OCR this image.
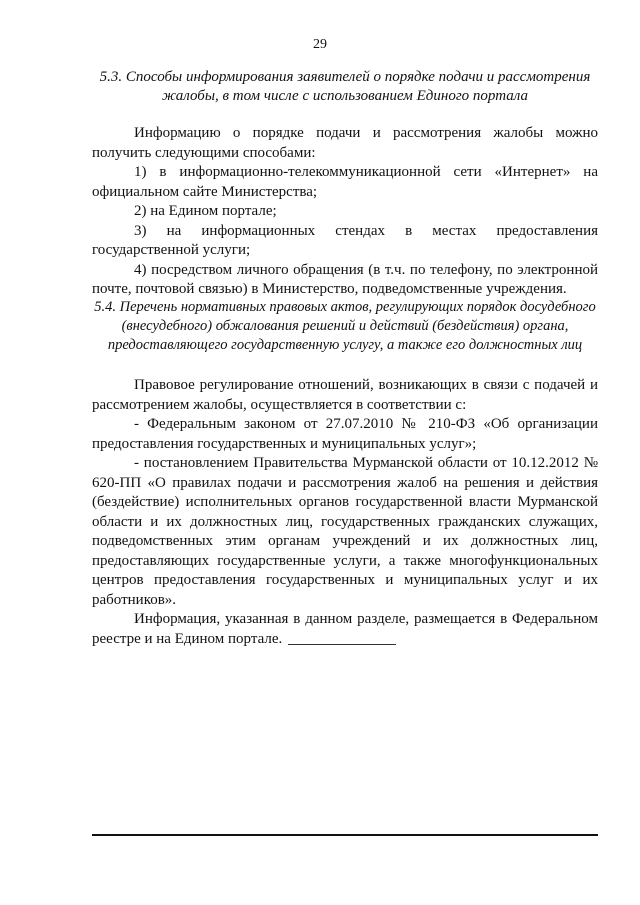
29
5.3. Способы информирования заявителей о порядке подачи и рассмотрения жалобы, в том числе с использованием Единого портала

Информацию о порядке подачи и рассмотрения жалобы можно получить следующими способами:

1) в информационно-телекоммуникационной сети «Интернет» на официальном сайте Министерства;

2) на Едином портале;

3) на информационных стендах в местах предоставления государственной услуги;

4) посредством личного обращения (в т.ч. по телефону, по электронной почте, почтовой связью) в Министерство, подведомственные учреждения.

5.4. Перечень нормативных правовых актов, регулирующих порядок досудебного (внесудебного) обжалования решений и действий (бездействия) органа, предоставляющего государственную услугу, а также его должностных лиц

Правовое регулирование отношений, возникающих в связи с подачей и рассмотрением жалобы, осуществляется в соответствии с:

- Федеральным законом от 27.07.2010 № 210-ФЗ «Об организации предоставления государственных и муниципальных услуг»;

- постановлением Правительства Мурманской области от 10.12.2012 № 620-ПП «О правилах подачи и рассмотрения жалоб на решения и действия (бездействие) исполнительных органов государственной власти Мурманской области и их должностных лиц, государственных гражданских служащих, подведомственных этим органам учреждений и их должностных лиц, предоставляющих государственные услуги, а также многофункциональных центров предоставления государственных и муниципальных услуг и их работников».

Информация, указанная в данном разделе, размещается в Федеральном реестре и на Едином портале.
